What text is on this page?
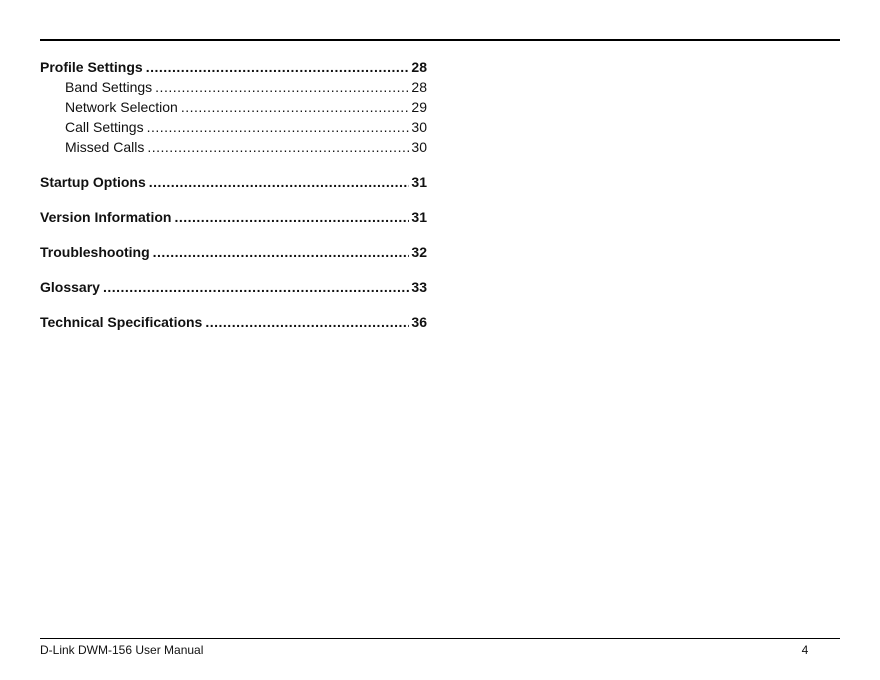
Profile Settings .....	28
Band Settings .....	28
Network Selection .....	29
Call Settings .....	30
Missed Calls .....	30
Startup Options .....	31
Version Information .....	31
Troubleshooting .....	32
Glossary .....	33
Technical Specifications .....	36
D-Link DWM-156 User Manual	4
